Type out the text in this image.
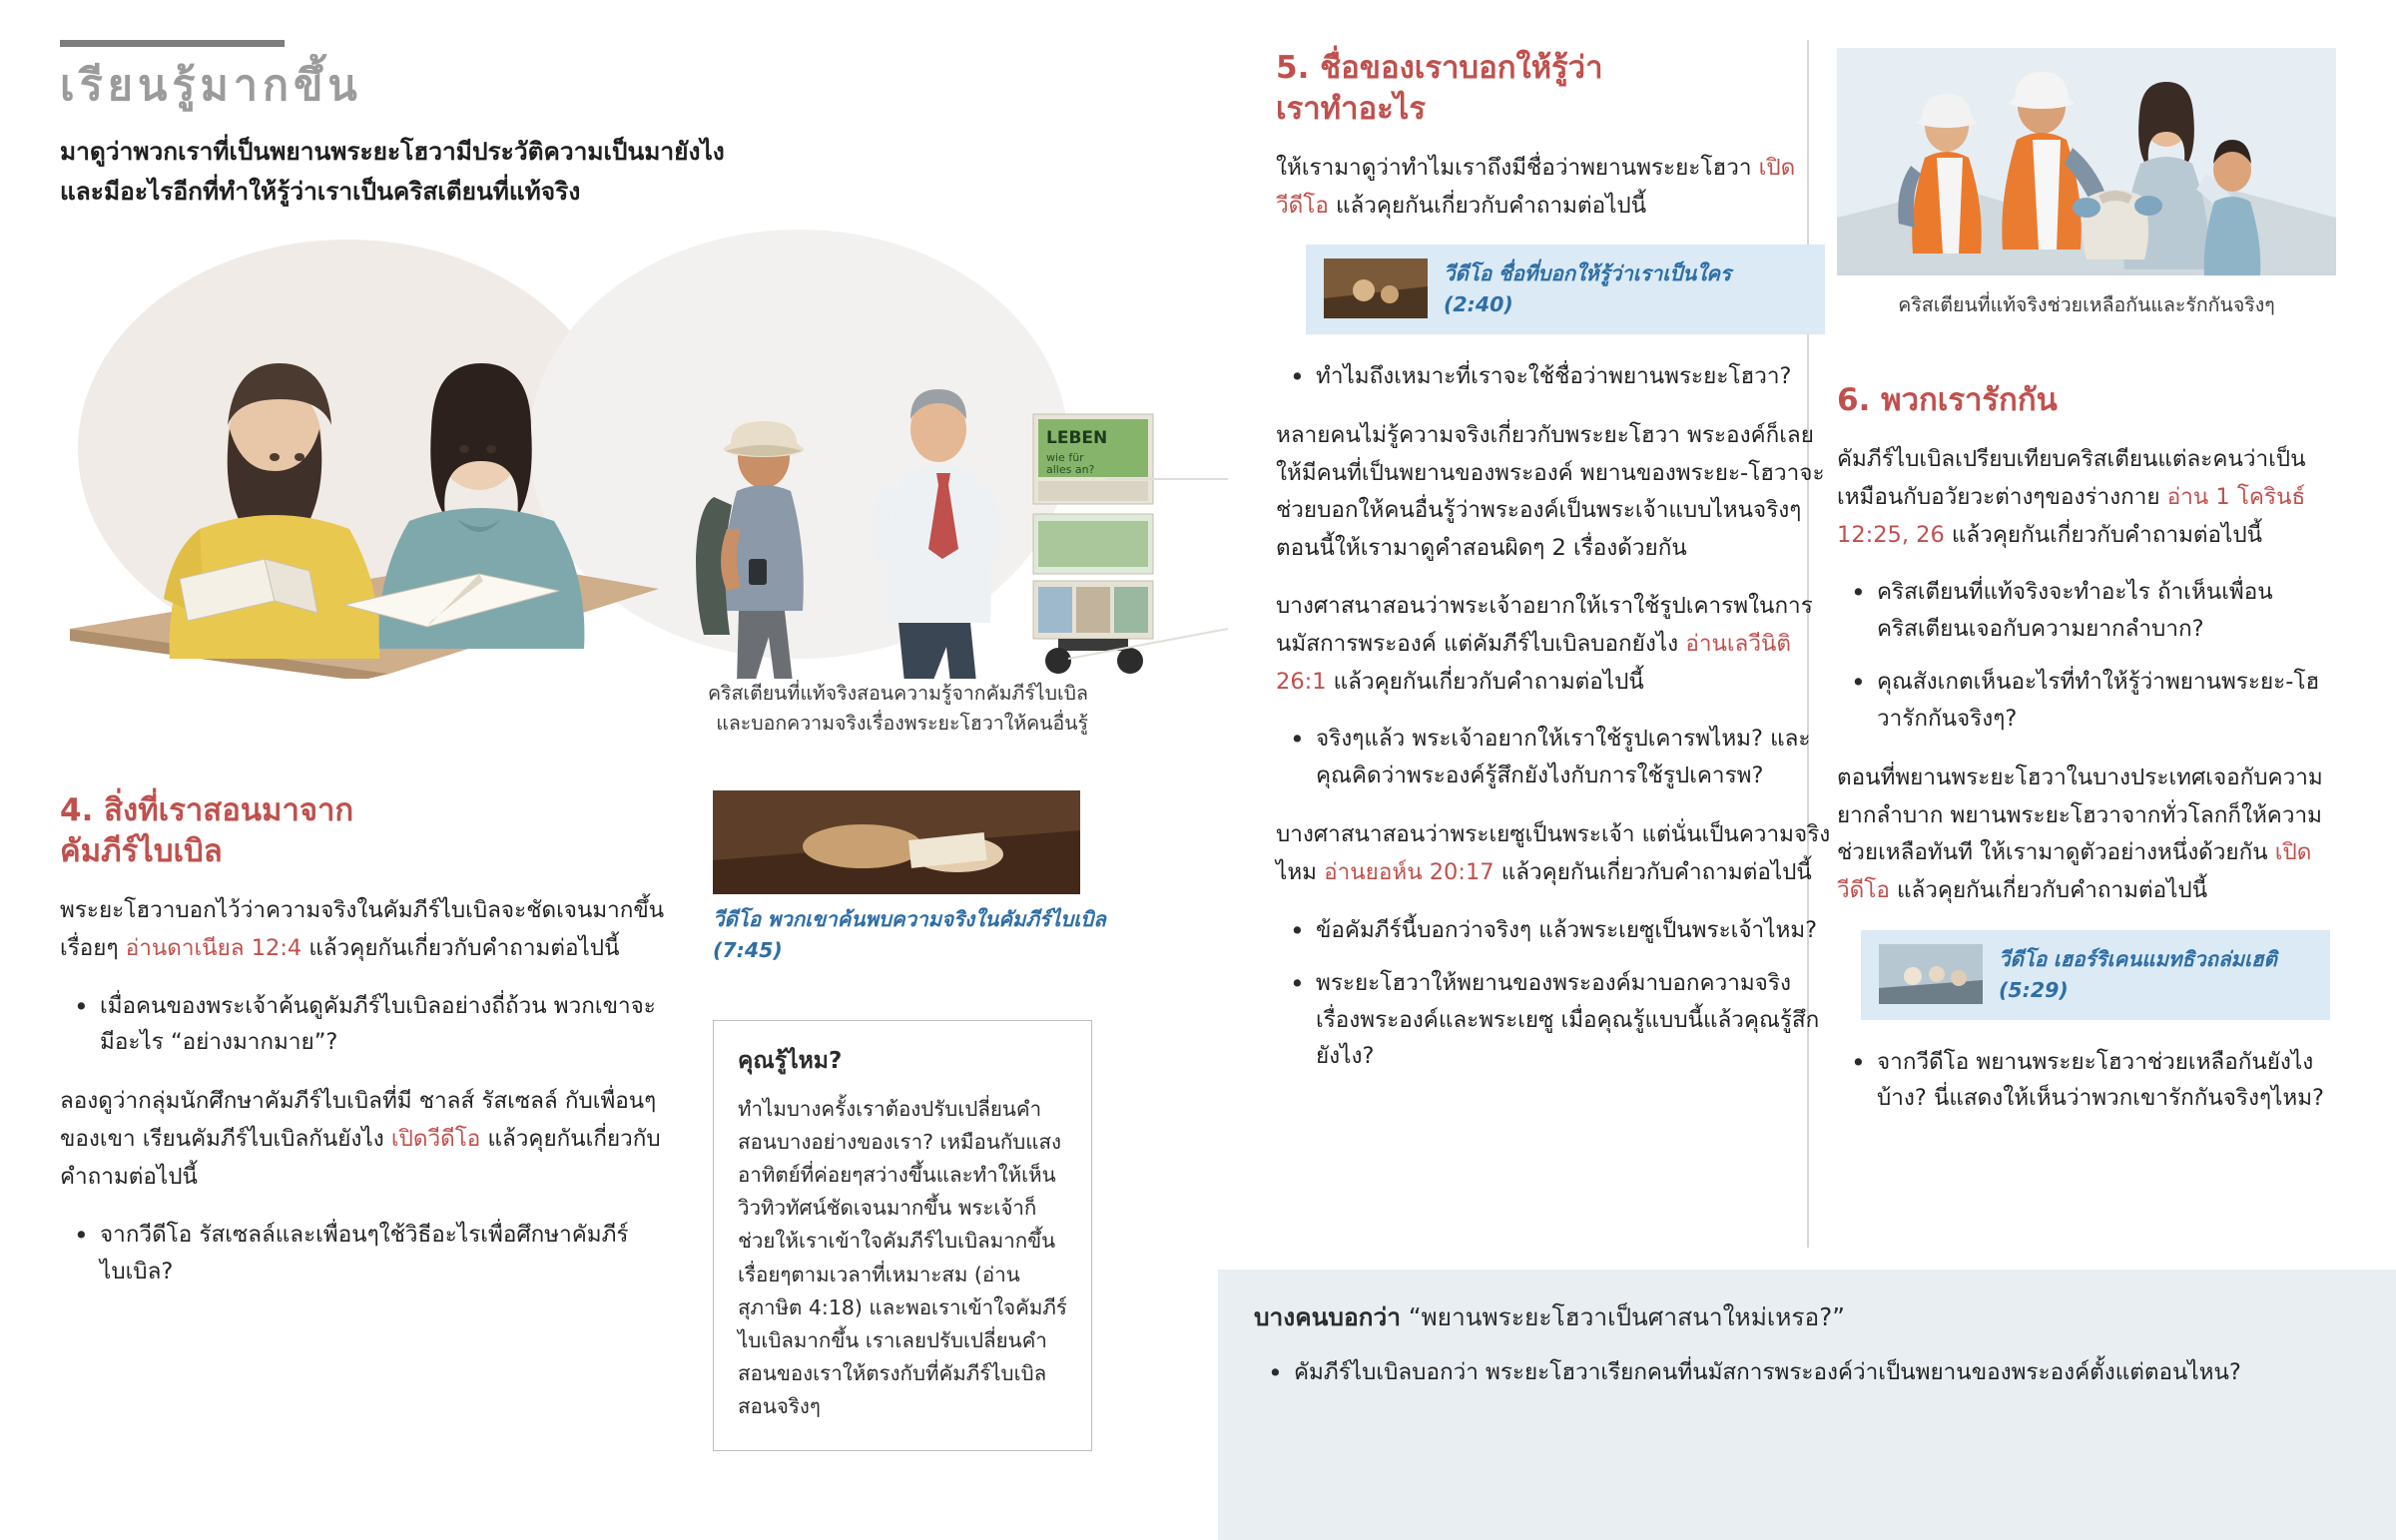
เรียนรู้มากขึ้น
มาดูว่าพวกเราที่เป็นพยานพระยะโฮวามีประวัติความเป็นมายังไง
และมีอะไรอีกที่ทำให้รู้ว่าเราเป็นคริสเตียนที่แท้จริง
LEBEN
wie für
alles an?
คริสเตียนที่แท้จริงสอนความรู้จากคัมภีร์ไบเบิล
และบอกความจริงเรื่องพระยะโฮวาให้คนอื่นรู้
4. สิ่งที่เราสอนมาจาก
คัมภีร์ไบเบิล

พระยะโฮวาบอกไว้ว่าความจริงในคัมภีร์ไบเบิลจะชัดเจนมากขึ้นเรื่อยๆ อ่านดาเนียล 12:4 แล้วคุยกันเกี่ยวกับคำถามต่อไปนี้

• เมื่อคนของพระเจ้าค้นดูคัมภีร์ไบเบิลอย่างถี่ถ้วน พวกเขาจะมีอะไร “อย่างมากมาย”?

ลองดูว่ากลุ่มนักศึกษาคัมภีร์ไบเบิลที่มี ชาลส์ รัสเซลล์ กับเพื่อนๆ ของเขา เรียนคัมภีร์ไบเบิลกันยังไง เปิดวีดีโอ แล้วคุยกันเกี่ยวกับคำถามต่อไปนี้

• จากวีดีโอ รัสเซลล์และเพื่อนๆใช้วิธีอะไรเพื่อศึกษาคัมภีร์ไบเบิล?
วีดีโอ พวกเขาค้นพบความจริงในคัมภีร์ไบเบิล (7:45)
คุณรู้ไหม?

ทำไมบางครั้งเราต้องปรับเปลี่ยนคำสอนบางอย่างของเรา? เหมือนกับแสงอาทิตย์ที่ค่อยๆสว่างขึ้นและทำให้เห็นวิวทิวทัศน์ชัดเจนมากขึ้น พระเจ้าก็ช่วยให้เราเข้าใจคัมภีร์ไบเบิลมากขึ้นเรื่อยๆตามเวลาที่เหมาะสม (อ่านสุภาษิต 4:18) และพอเราเข้าใจคัมภีร์ไบเบิลมากขึ้น เราเลยปรับเปลี่ยนคำสอนของเราให้ตรงกับที่คัมภีร์ไบเบิลสอนจริงๆ

5. ชื่อของเราบอกให้รู้ว่า
เราทำอะไร

ให้เรามาดูว่าทำไมเราถึงมีชื่อว่าพยานพระยะโฮวา เปิดวีดีโอ แล้วคุยกันเกี่ยวกับคำถามต่อไปนี้

วีดีโอ ชื่อที่บอกให้รู้ว่าเราเป็นใคร
(2:40)
• ทำไมถึงเหมาะที่เราจะใช้ชื่อว่าพยานพระยะโฮวา?

หลายคนไม่รู้ความจริงเกี่ยวกับพระยะโฮวา พระองค์ก็เลยให้มีคนที่เป็นพยานของพระองค์ พยานของพระยะ-โฮวาจะช่วยบอกให้คนอื่นรู้ว่าพระองค์เป็นพระเจ้าแบบไหนจริงๆ ตอนนี้ให้เรามาดูคำสอนผิดๆ 2 เรื่องด้วยกัน

บางศาสนาสอนว่าพระเจ้าอยากให้เราใช้รูปเคารพในการนมัสการพระองค์ แต่คัมภีร์ไบเบิลบอกยังไง อ่านเลวีนิติ 26:1 แล้วคุยกันเกี่ยวกับคำถามต่อไปนี้

• จริงๆแล้ว พระเจ้าอยากให้เราใช้รูปเคารพไหม? และคุณคิดว่าพระองค์รู้สึกยังไงกับการใช้รูปเคารพ?

บางศาสนาสอนว่าพระเยซูเป็นพระเจ้า แต่นั่นเป็นความจริงไหม อ่านยอห์น 20:17 แล้วคุยกันเกี่ยวกับคำถามต่อไปนี้

• ข้อคัมภีร์นี้บอกว่าจริงๆ แล้วพระเยซูเป็นพระเจ้าไหม?
• พระยะโฮวาให้พยานของพระองค์มาบอกความจริงเรื่องพระองค์และพระเยซู เมื่อคุณรู้แบบนี้แล้วคุณรู้สึกยังไง?
คริสเตียนที่แท้จริงช่วยเหลือกันและรักกันจริงๆ
6. พวกเรารักกัน

คัมภีร์ไบเบิลเปรียบเทียบคริสเตียนแต่ละคนว่าเป็นเหมือนกับอวัยวะต่างๆของร่างกาย อ่าน 1 โครินธ์ 12:25, 26 แล้วคุยกันเกี่ยวกับคำถามต่อไปนี้

• คริสเตียนที่แท้จริงจะทำอะไร ถ้าเห็นเพื่อนคริสเตียนเจอกับความยากลำบาก?
• คุณสังเกตเห็นอะไรที่ทำให้รู้ว่าพยานพระยะ-โฮวารักกันจริงๆ?

ตอนที่พยานพระยะโฮวาในบางประเทศเจอกับความยากลำบาก พยานพระยะโฮวาจากทั่วโลกก็ให้ความช่วยเหลือทันที ให้เรามาดูตัวอย่างหนึ่งด้วยกัน เปิดวีดีโอ แล้วคุยกันเกี่ยวกับคำถามต่อไปนี้

วีดีโอ เฮอร์ริเคนแมทธิวถล่มเฮติ
(5:29)
• จากวีดีโอ พยานพระยะโฮวาช่วยเหลือกันยังไงบ้าง? นี่แสดงให้เห็นว่าพวกเขารักกันจริงๆไหม?
บางคนบอกว่า “พยานพระยะโฮวาเป็นศาสนาใหม่เหรอ?”
• คัมภีร์ไบเบิลบอกว่า พระยะโฮวาเรียกคนที่นมัสการพระองค์ว่าเป็นพยานของพระองค์ตั้งแต่ตอนไหน?
